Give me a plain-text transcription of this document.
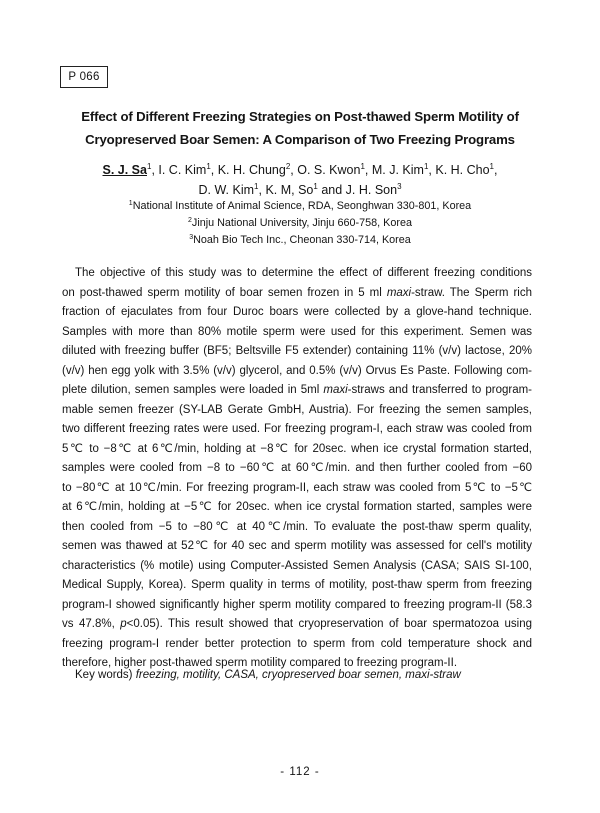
P 066
Effect of Different Freezing Strategies on Post-thawed Sperm Motility of
Cryopreserved Boar Semen: A Comparison of Two Freezing Programs
S. J. Sa$^1$, I. C. Kim$^1$, K. H. Chung$^2$, O. S. Kwon$^1$, M. J. Kim$^1$, K. H. Cho$^1$,
D. W. Kim$^1$, K. M, So$^1$ and J. H. Son$^3$
$^1$National Institute of Animal Science, RDA, Seonghwan 330-801, Korea
$^2$Jinju National University, Jinju 660-758, Korea
$^3$Noah Bio Tech Inc., Cheonan 330-714, Korea
The objective of this study was to determine the effect of different freezing conditions
on post-thawed sperm motility of boar semen frozen in 5 ml maxi-straw. The Sperm rich
fraction of ejaculates from four Duroc boars were collected by a glove-hand technique.
Samples with more than 80% motile sperm were used for this experiment. Semen was
diluted with freezing buffer (BF5; Beltsville F5 extender) containing 11% (v/v) lactose, 20%
(v/v) hen egg yolk with 3.5% (v/v) glycerol, and 0.5% (v/v) Orvus Es Paste. Following com-
plete dilution, semen samples were loaded in 5ml maxi-straws and transferred to program-
mable semen freezer (SY-LAB Gerate GmbH, Austria). For freezing the semen samples,
two different freezing rates were used. For freezing program-I, each straw was cooled from
5℃ to −8℃ at 6℃/min, holding at −8℃ for 20sec. when ice crystal formation started,
samples were cooled from −8 to −60℃ at 60℃/min. and then further cooled from −60
to −80℃ at 10℃/min. For freezing program-II, each straw was cooled from 5℃ to −5℃
at 6℃/min, holding at −5℃ for 20sec. when ice crystal formation started, samples were
then cooled from −5 to −80℃ at 40℃/min. To evaluate the post-thaw sperm quality,
semen was thawed at 52℃ for 40 sec and sperm motility was assessed for cell's motility
characteristics (% motile) using Computer-Assisted Semen Analysis (CASA; SAIS SI-100,
Medical Supply, Korea). Sperm quality in terms of motility, post-thaw sperm from freezing
program-I showed significantly higher sperm motility compared to freezing program-II (58.3
vs 47.8%, p<0.05). This result showed that cryopreservation of boar spermatozoa using
freezing program-I render better protection to sperm from cold temperature shock and
therefore, higher post-thawed sperm motility compared to freezing program-II.
Key words) freezing, motility, CASA, cryopreserved boar semen, maxi-straw
- 112 -
